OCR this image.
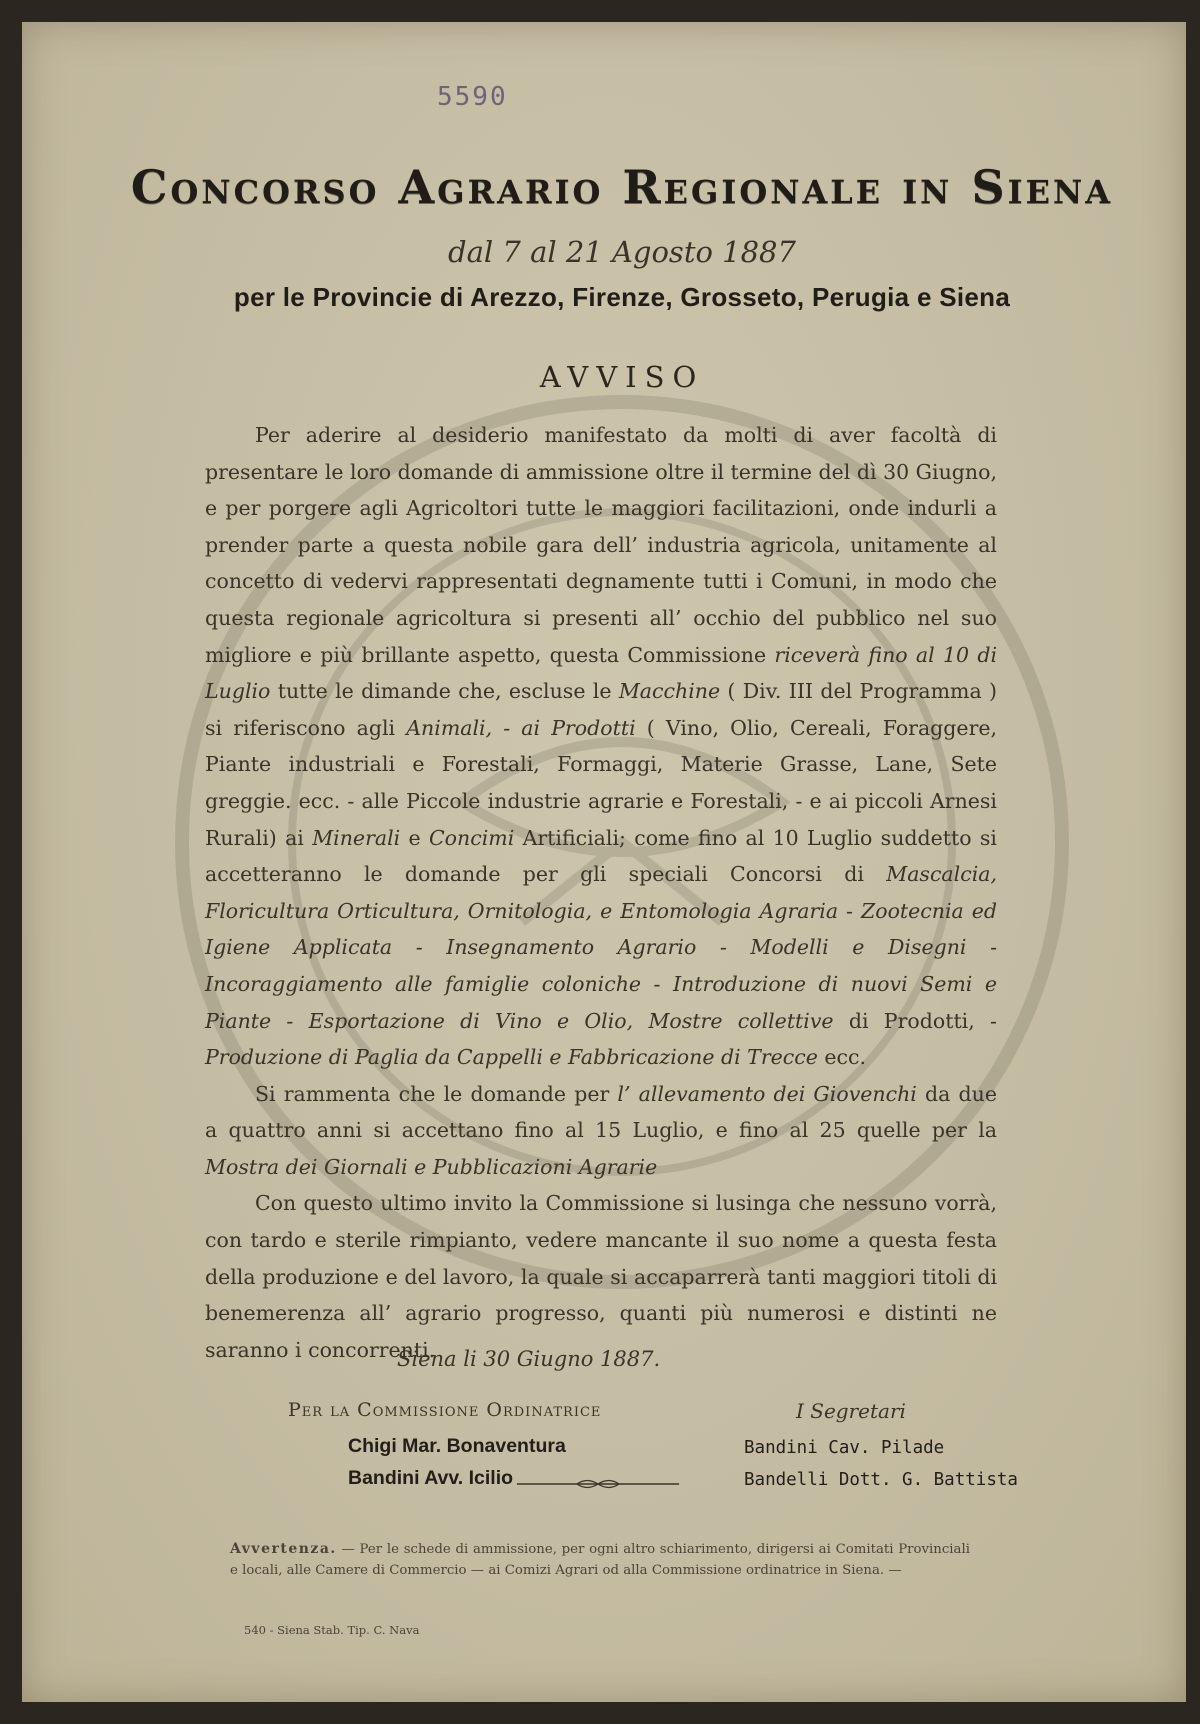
5590
Concorso Agrario Regionale in Siena
dal 7 al 21 Agosto 1887
per le Provincie di Arezzo, Firenze, Grosseto, Perugia e Siena
AVVISO

Per aderire al desiderio manifestato da molti di aver facoltà di presentare le loro domande di ammissione oltre il termine del dì 30 Giugno, e per porgere agli Agricoltori tutte le maggiori facilitazioni, onde indurli a prender parte a questa nobile gara dell’ industria agricola, unitamente al concetto di vedervi rappresentati degnamente tutti i Comuni, in modo che questa regionale agricoltura si presenti all’ occhio del pubblico nel suo migliore e più brillante aspetto, questa Commissione riceverà fino al 10 di Luglio tutte le dimande che, escluse le Macchine ( Div. III del Programma ) si riferiscono agli Animali, - ai Prodotti ( Vino, Olio, Cereali, Foraggere, Piante industriali e Forestali, Formaggi, Materie Grasse, Lane, Sete greggie. ecc. - alle Piccole industrie agrarie e Forestali, - e ai piccoli Arnesi Rurali) ai Minerali e Concimi Artificiali; come fino al 10 Luglio suddetto si accetteranno le domande per gli speciali Concorsi di Mascalcia, Floricultura Orticultura, Ornitologia, e Entomologia Agraria - Zootecnia ed Igiene Applicata - Insegnamento Agrario - Modelli e Disegni - Incoraggiamento alle famiglie coloniche - Introduzione di nuovi Semi e Piante - Esportazione di Vino e Olio, Mostre collettive di Prodotti, - Produzione di Paglia da Cappelli e Fabbricazione di Trecce ecc.

Si rammenta che le domande per l’ allevamento dei Giovenchi da due a quattro anni si accettano fino al 15 Luglio, e fino al 25 quelle per la Mostra dei Giornali e Pubblicazioni Agrarie

Con questo ultimo invito la Commissione si lusinga che nessuno vorrà, con tardo e sterile rimpianto, vedere mancante il suo nome a questa festa della produzione e del lavoro, la quale si accaparrerà tanti maggiori titoli di benemerenza all’ agrario progresso, quanti più numerosi e distinti ne saranno i concorrenti.

Siena li 30 Giugno 1887.
Per la Commissione Ordinatrice
Chigi Mar. Bonaventura
Bandini Avv. Icilio
I Segretari
Bandini Cav. Pilade
Bandelli Dott. G. Battista
Avvertenza. — Per le schede di ammissione, per ogni altro schiarimento, dirigersi ai Comitati Provinciali e locali, alle Camere di Commercio — ai Comizi Agrari od alla Commissione ordinatrice in Siena. —
540 - Siena Stab. Tip. C. Nava
